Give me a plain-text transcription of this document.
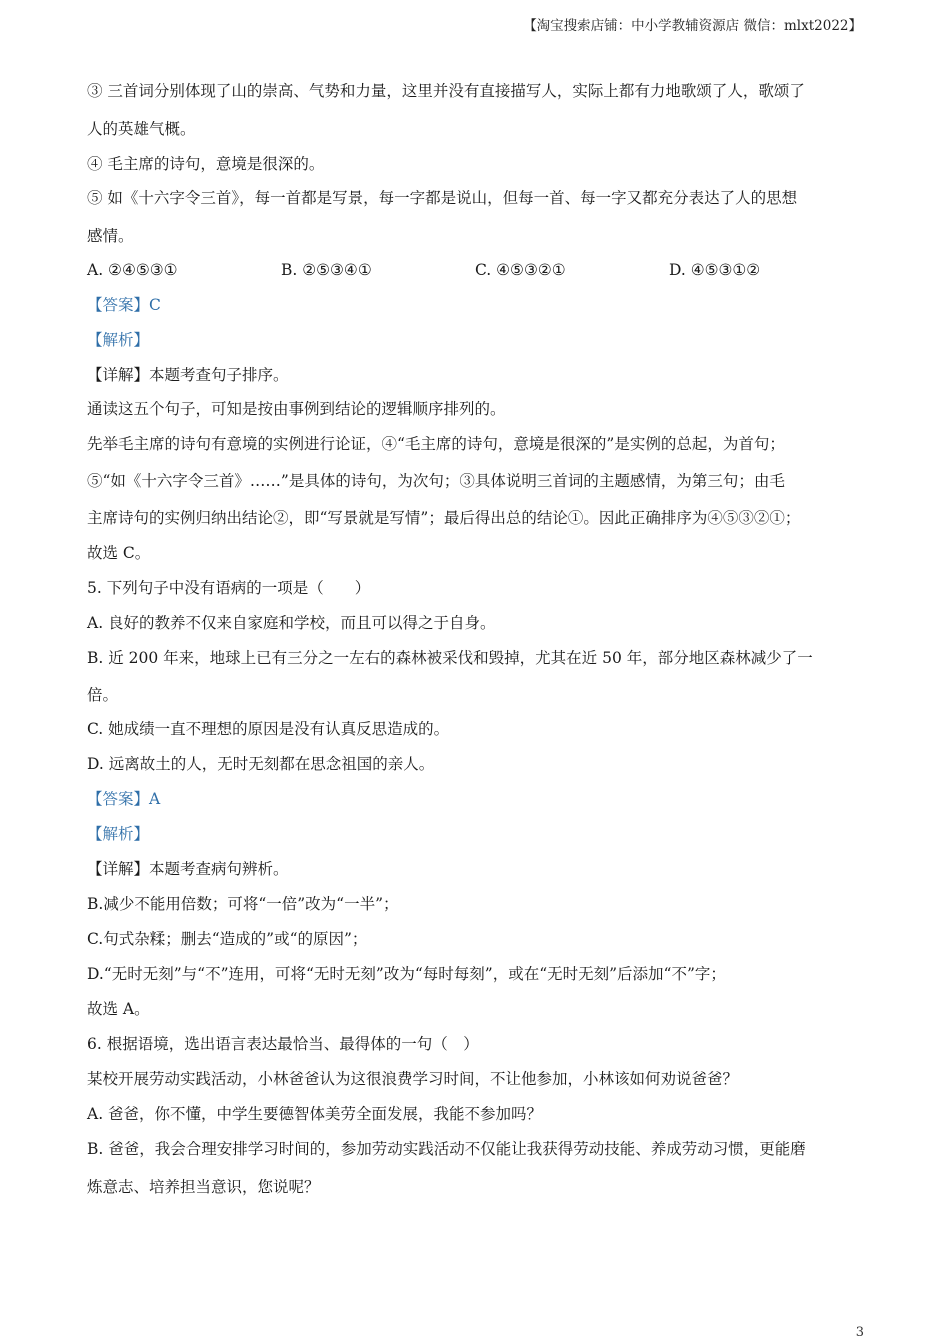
【淘宝搜索店铺：中小学教辅资源店 微信：mlxt2022】
③ 三首词分别体现了山的崇高、气势和力量，这里并没有直接描写人，实际上都有力地歌颂了人，歌颂了
人的英雄气概。
④ 毛主席的诗句，意境是很深的。
⑤ 如《十六字令三首》，每一首都是写景，每一字都是说山，但每一首、每一字又都充分表达了人的思想
感情。
A. ②④⑤③①	B. ②⑤③④①	C. ④⑤③②①	D. ④⑤③①②
【答案】C
【解析】
【详解】本题考查句子排序。
通读这五个句子，可知是按由事例到结论的逻辑顺序排列的。
先举毛主席的诗句有意境的实例进行论证，④“毛主席的诗句，意境是很深的”是实例的总起，为首句；
⑤“如《十六字令三首》……”是具体的诗句，为次句；③具体说明三首词的主题感情，为第三句；由毛
主席诗句的实例归纳出结论②，即“写景就是写情”；最后得出总的结论①。因此正确排序为④⑤③②①；
故选 C。
5. 下列句子中没有语病的一项是（　　）
A. 良好的教养不仅来自家庭和学校，而且可以得之于自身。
B. 近 200 年来，地球上已有三分之一左右的森林被采伐和毁掉，尤其在近 50 年，部分地区森林减少了一
倍。
C. 她成绩一直不理想的原因是没有认真反思造成的。
D. 远离故土的人，无时无刻都在思念祖国的亲人。
【答案】A
【解析】
【详解】本题考查病句辨析。
B.减少不能用倍数；可将“一倍”改为“一半”；
C.句式杂糅；删去“造成的”或“的原因”；
D.“无时无刻”与“不”连用，可将“无时无刻”改为“每时每刻”，或在“无时无刻”后添加“不”字；
故选 A。
6. 根据语境，选出语言表达最恰当、最得体的一句（　）
某校开展劳动实践活动，小林爸爸认为这很浪费学习时间，不让他参加，小林该如何劝说爸爸？
A. 爸爸，你不懂，中学生要德智体美劳全面发展，我能不参加吗？
B. 爸爸，我会合理安排学习时间的，参加劳动实践活动不仅能让我获得劳动技能、养成劳动习惯，更能磨
炼意志、培养担当意识，您说呢？
3
